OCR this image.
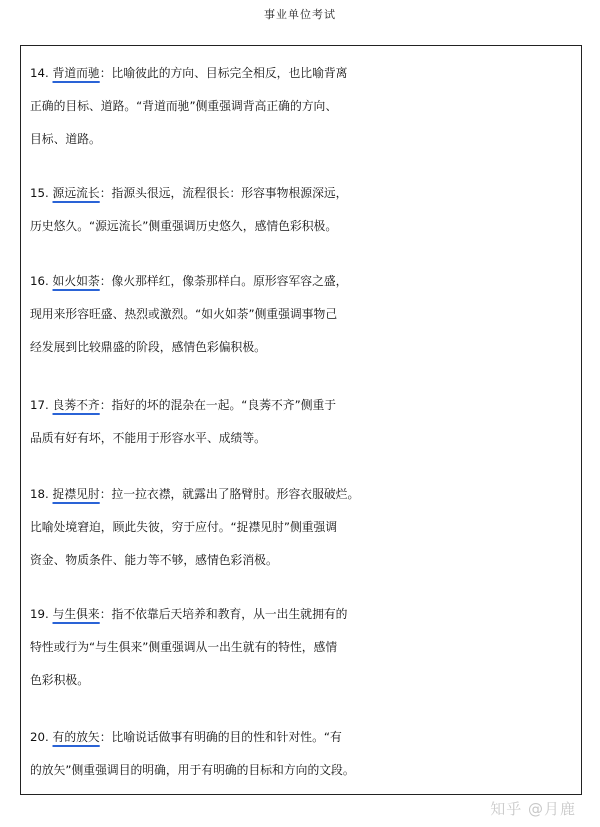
事业单位考试
14. 背道而驰：比喻彼此的方向、目标完全相反，也比喻背离
正确的目标、道路。“背道而驰”侧重强调背高正确的方向、
目标、道路。
15. 源远流长：指源头很远，流程很长：形容事物根源深远，
历史悠久。“源远流长”侧重强调历史悠久，感情色彩积极。
16. 如火如荼：像火那样红，像荼那样白。原形容军容之盛，
现用来形容旺盛、热烈或激烈。“如火如荼”侧重强调事物己
经发展到比较鼎盛的阶段，感情色彩偏积极。
17. 良莠不齐：指好的坏的混杂在一起。“良莠不齐”侧重于
品质有好有坏，不能用于形容水平、成绩等。
18. 捉襟见肘：拉一拉衣襟，就露出了胳臂肘。形容衣服破烂。
比喻处境窘迫，顾此失彼，穷于应付。“捉襟见肘”侧重强调
资金、物质条件、能力等不够，感情色彩消极。
19. 与生俱来：指不依靠后天培养和教育，从一出生就拥有的
特性或行为“与生俱来”侧重强调从一出生就有的特性，感情
色彩积极。
20. 有的放矢：比喻说话做事有明确的目的性和针对性。“有
的放矢”侧重强调目的明确，用于有明确的目标和方向的文段。
知乎 @月鹿
